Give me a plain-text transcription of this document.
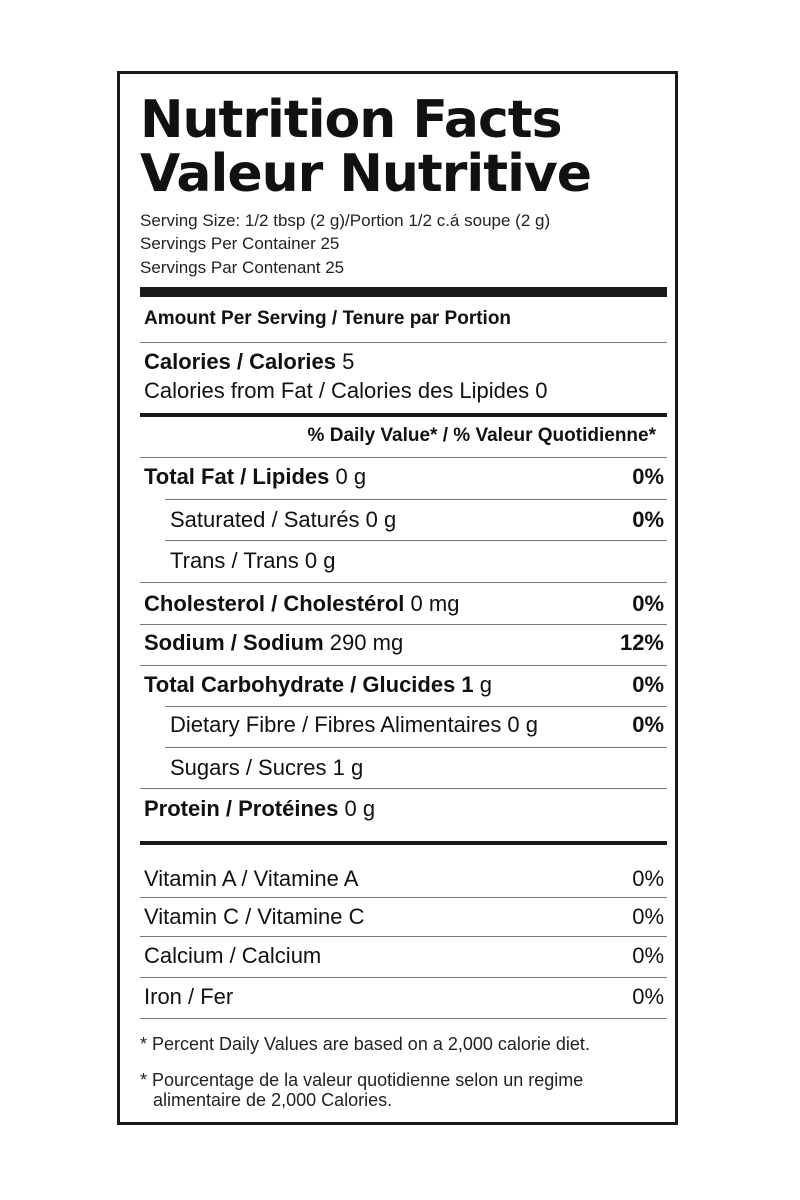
Nutrition Facts
Valeur Nutritive
Serving Size: 1/2 tbsp (2 g)/Portion 1/2 c.á soupe (2 g)
Servings Per Container 25
Servings Par Contenant 25
Amount Per Serving / Tenure par Portion
Calories / Calories 5
Calories from Fat / Calories des Lipides 0
% Daily Value* / % Valeur Quotidienne*
Total Fat / Lipides 0 g	0%
Saturated / Saturés 0 g	0%
Trans / Trans 0 g
Cholesterol / Cholestérol 0 mg	0%
Sodium / Sodium 290 mg	12%
Total Carbohydrate / Glucides 1 g	0%
Dietary Fibre / Fibres Alimentaires 0 g	0%
Sugars / Sucres 1 g
Protein / Protéines 0 g
Vitamin A / Vitamine A	0%
Vitamin C / Vitamine C	0%
Calcium / Calcium	0%
Iron / Fer	0%
* Percent Daily Values are based on a 2,000 calorie diet.
* Pourcentage de la valeur quotidienne selon un regime
alimentaire de 2,000 Calories.
